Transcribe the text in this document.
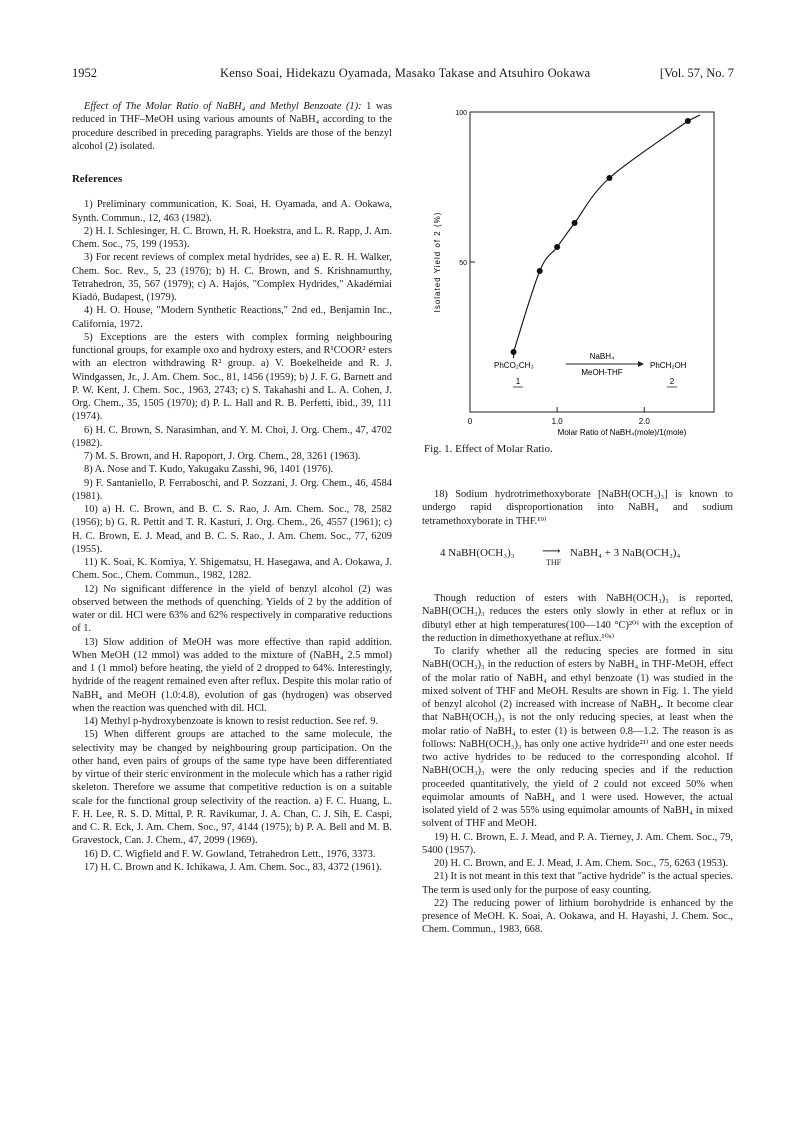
1952	Kenso Soai, Hidekazu Oyamada, Masako Takase and Atsuhiro Ookawa	[Vol. 57, No. 7

Effect of The Molar Ratio of NaBH₄ and Methyl Benzoate (1): 1 was reduced in THF–MeOH using various amounts of NaBH₄ according to the procedure described in preceding paragraphs. Yields are those of the benzyl alcohol (2) isolated.

References

1) Preliminary communication, K. Soai, H. Oyamada, and A. Ookawa, Synth. Commun., 12, 463 (1982).

2) H. I. Schlesinger, H. C. Brown, H. R. Hoekstra, and L. R. Rapp, J. Am. Chem. Soc., 75, 199 (1953).

3) For recent reviews of complex metal hydrides, see a) E. R. H. Walker, Chem. Soc. Rev., 5, 23 (1976); b) H. C. Brown, and S. Krishnamurthy, Tetrahedron, 35, 567 (1979); c) A. Hajós, "Complex Hydrides," Akadémiai Kiadó, Budapest, (1979).

4) H. O. House, "Modern Synthetic Reactions," 2nd ed., Benjamin Inc., California, 1972.

5) Exceptions are the esters with complex forming neighbouring functional groups, for example oxo and hydroxy esters, and R¹COOR² esters with an electron withdrawing R² group. a) V. Boekelheide and R. J. Windgassen, Jr., J. Am. Chem. Soc., 81, 1456 (1959); b) J. F. G. Barnett and P. W. Kent, J. Chem. Soc., 1963, 2743; c) S. Takahashi and L. A. Cohen, J. Org. Chem., 35, 1505 (1970); d) P. L. Hall and R. B. Perfetti, ibid., 39, 111 (1974).

6) H. C. Brown, S. Narasimhan, and Y. M. Choi, J. Org. Chem., 47, 4702 (1982).

7) M. S. Brown, and H. Rapoport, J. Org. Chem., 28, 3261 (1963).

8) A. Nose and T. Kudo, Yakugaku Zasshi, 96, 1401 (1976).

9) F. Santaniello, P. Ferraboschi, and P. Sozzani, J. Org. Chem., 46, 4584 (1981).

10) a) H. C. Brown, and B. C. S. Rao, J. Am. Chem. Soc., 78, 2582 (1956); b) G. R. Pettit and T. R. Kasturi, J. Org. Chem., 26, 4557 (1961); c) H. C. Brown, E. J. Mead, and B. C. S. Rao., J. Am. Chem. Soc., 77, 6209 (1955).

11) K. Soai, K. Komiya, Y. Shigematsu, H. Hasegawa, and A. Ookawa, J. Chem. Soc., Chem. Commun., 1982, 1282.

12) No significant difference in the yield of benzyl alcohol (2) was observed between the methods of quenching. Yields of 2 by the addition of water or dil. HCl were 63% and 62% respectively in comparative reductions of 1.

13) Slow addition of MeOH was more effective than rapid addition. When MeOH (12 mmol) was added to the mixture of (NaBH₄ 2.5 mmol) and 1 (1 mmol) before heating, the yield of 2 dropped to 64%. Interestingly, hydride of the reagent remained even after reflux. Despite this molar ratio of NaBH₄ and MeOH (1.0:4.8), evolution of gas (hydrogen) was observed when the reaction was quenched with dil. HCl.

14) Methyl p-hydroxybenzoate is known to resist reduction. See ref. 9.

15) When different groups are attached to the same molecule, the selectivity may be changed by neighbouring group participation. On the other hand, even pairs of groups of the same type have been differentiated by virtue of their steric environment in the molecule which has a rather rigid skeleton. Therefore we assume that competitive reduction is on a suitable scale for the functional group selectivity of the reaction. a) F. C. Huang, L. F. H. Lee, R. S. D. Mittal, P. R. Ravikumar, J. A. Chan, C. J. Sih, E. Caspi, and C. R. Eck, J. Am. Chem. Soc., 97, 4144 (1975); b) P. A. Bell and M. B. Gravestock, Can. J. Chem., 47, 2099 (1969).

16) D. C. Wigfield and F. W. Gowland, Tetrahedron Lett., 1976, 3373.

17) H. C. Brown and K. Ichikawa, J. Am. Chem. Soc., 83, 4372 (1961).

Isolated Yield of 2 (%)
Molar Ratio of NaBH₄(mole)/1(mole)
0	1.0	2.0
50
100
PhCO₂CH₃
NaBH₄
MeOH-THF
PhCH₂OH
1	2
Fig. 1. Effect of Molar Ratio.

18) Sodium hydrotrimethoxyborate [NaBH(OCH₃)₃] is known to undergo rapid disproportionation into NaBH₄ and sodium tetramethoxyborate in THF.¹⁹⁾

4 NaBH(OCH₃)₃ ⟶
THF
NaBH₄ + 3 NaB(OCH₃)₄

Though reduction of esters with NaBH(OCH₃)₃ is reported, NaBH(OCH₃)₃ reduces the esters only slowly in ether at reflux or in dibutyl ether at high temperatures(100—140 °C)²⁰⁾ with the exception of the reduction in dimethoxyethane at reflux.¹⁰ᵃ⁾

To clarify whether all the reducing species are formed in situ NaBH(OCH₃)₃ in the reduction of esters by NaBH₄ in THF-MeOH, effect of the molar ratio of NaBH₄ and ethyl benzoate (1) was studied in the mixed solvent of THF and MeOH. Results are shown in Fig. 1. The yield of benzyl alcohol (2) increased with increase of NaBH₄. It become clear that NaBH(OCH₃)₃ is not the only reducing species, at least when the molar ratio of NaBH₄ to ester (1) is between 0.8—1.2. The reason is as follows: NaBH(OCH₃)₃ has only one active hydride²¹⁾ and one ester needs two active hydrides to be reduced to the corresponding alcohol. If NaBH(OCH₃)₃ were the only reducing species and if the reduction proceeded quantitatively, the yield of 2 could not exceed 50% when equimolar amounts of NaBH₄ and 1 were used. However, the actual isolated yield of 2 was 55% using equimolar amounts of NaBH₄ in mixed solvent of THF and MeOH.

19) H. C. Brown, E. J. Mead, and P. A. Tierney, J. Am. Chem. Soc., 79, 5400 (1957).

20) H. C. Brown, and E. J. Mead, J. Am. Chem. Soc., 75, 6263 (1953).

21) It is not meant in this text that "active hydride" is the actual species. The term is used only for the purpose of easy counting.

22) The reducing power of lithium borohydride is enhanced by the presence of MeOH. K. Soai, A. Ookawa, and H. Hayashi, J. Chem. Soc., Chem. Commun., 1983, 668.
